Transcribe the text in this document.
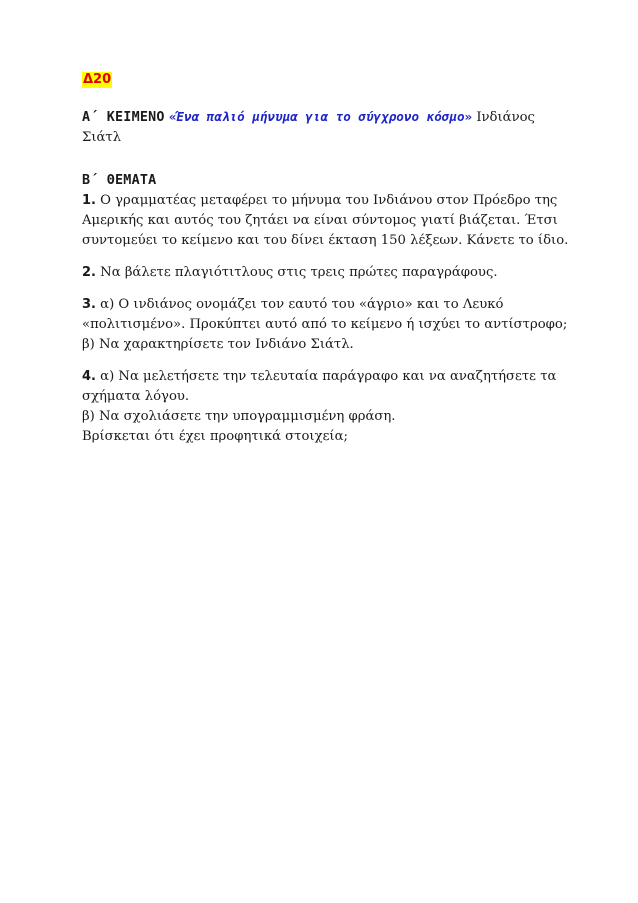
Δ20
Α΄ ΚΕΙΜΕΝΟ «Ένα παλιό μήνυμα για το σύγχρονο κόσμο» Ινδιάνος
Σιάτλ
Β΄ ΘΕΜΑΤΑ
1. Ο γραμματέας μεταφέρει το μήνυμα του Ινδιάνου στον Πρόεδρο της
Αμερικής και αυτός του ζητάει να είναι σύντομος γιατί βιάζεται. Έτσι
συντομεύει το κείμενο και του δίνει έκταση 150 λέξεων. Κάνετε το ίδιο.
2. Να βάλετε πλαγιότιτλους στις τρεις πρώτες παραγράφους.
3. α) Ο ινδιάνος ονομάζει τον εαυτό του «άγριο» και το Λευκό
«πολιτισμένο». Προκύπτει αυτό από το κείμενο ή ισχύει το αντίστροφο;
β) Να χαρακτηρίσετε τον Ινδιάνο Σιάτλ.
4. α) Να μελετήσετε την τελευταία παράγραφο και να αναζητήσετε τα
σχήματα λόγου.
β) Να σχολιάσετε την υπογραμμισμένη φράση.
Βρίσκεται ότι έχει προφητικά στοιχεία;
